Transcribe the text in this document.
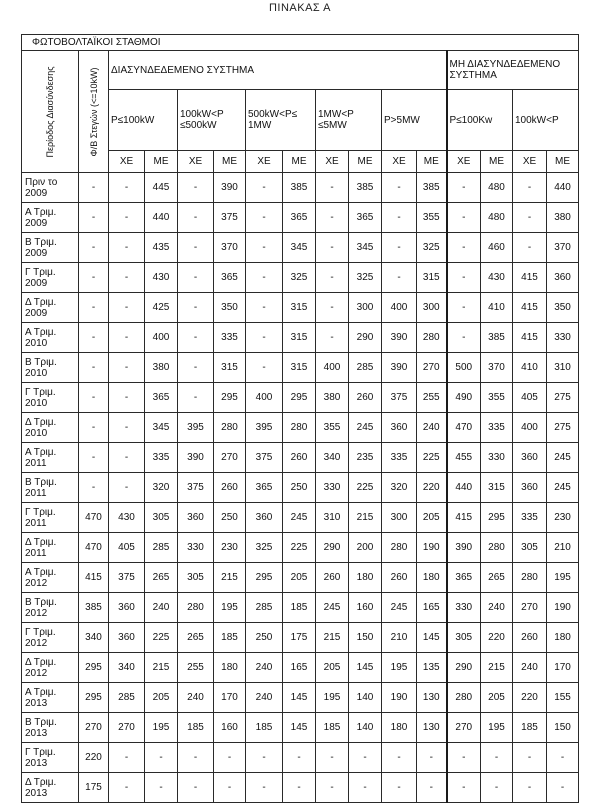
ΠΙΝΑΚΑΣ Α
ΦΩΤΟΒΟΛΤΑΪΚΟΙ ΣΤΑΘΜΟΙ															

Περίοδος Διασύνδεσης	Φ/Β Στεγών (<=10kW)	ΔΙΑΣΥΝΔΕΔΕΜΕΝΟ ΣΥΣΤΗΜΑ										ΜΗ ΔΙΑΣΥΝΔΕΔΕΜΕΝΟ
ΣΥΣΤΗΜΑ			

		P≤100kW		100kW<P ≤500kW		500kW<P≤ 1MW		1MW<P ≤5MW		P>5MW		P≤100Kw		100kW<P	
		ΧΕ	ΜΕ	ΧΕ	ΜΕ	ΧΕ	ΜΕ	ΧΕ	ΜΕ	ΧΕ	ΜΕ	ΧΕ	ΜΕ	ΧΕ	ΜΕ

Πριν το
2009	-	-	445	-	390	-	385	-	385	-	385	-	480	-	440

Α Τριμ.
2009	-	-	440	-	375	-	365	-	365	-	355	-	480	-	380

Β Τριμ.
2009	-	-	435	-	370	-	345	-	345	-	325	-	460	-	370

Γ Τριμ.
2009	-	-	430	-	365	-	325	-	325	-	315	-	430	415	360

Δ Τριμ.
2009	-	-	425	-	350	-	315	-	300	400	300	-	410	415	350

Α Τριμ.
2010	-	-	400	-	335	-	315	-	290	390	280	-	385	415	330

Β Τριμ.
2010	-	-	380	-	315	-	315	400	285	390	270	500	370	410	310

Γ Τριμ.
2010	-	-	365	-	295	400	295	380	260	375	255	490	355	405	275

Δ Τριμ.
2010	-	-	345	395	280	395	280	355	245	360	240	470	335	400	275

Α Τριμ.
2011	-	-	335	390	270	375	260	340	235	335	225	455	330	360	245

Β Τριμ.
2011	-	-	320	375	260	365	250	330	225	320	220	440	315	360	245

Γ Τριμ.
2011	470	430	305	360	250	360	245	310	215	300	205	415	295	335	230

Δ Τριμ.
2011	470	405	285	330	230	325	225	290	200	280	190	390	280	305	210

Α Τριμ.
2012	415	375	265	305	215	295	205	260	180	260	180	365	265	280	195

Β Τριμ.
2012	385	360	240	280	195	285	185	245	160	245	165	330	240	270	190

Γ Τριμ.
2012	340	360	225	265	185	250	175	215	150	210	145	305	220	260	180

Δ Τριμ.
2012	295	340	215	255	180	240	165	205	145	195	135	290	215	240	170

Α Τριμ.
2013	295	285	205	240	170	240	145	195	140	190	130	280	205	220	155

Β Τριμ.
2013	270	270	195	185	160	185	145	185	140	180	130	270	195	185	150

Γ Τριμ.
2013	220	-	-	-	-	-	-	-	-	-	-	-	-	-	-

Δ Τριμ.
2013	175	-	-	-	-	-	-	-	-	-	-	-	-	-	-
